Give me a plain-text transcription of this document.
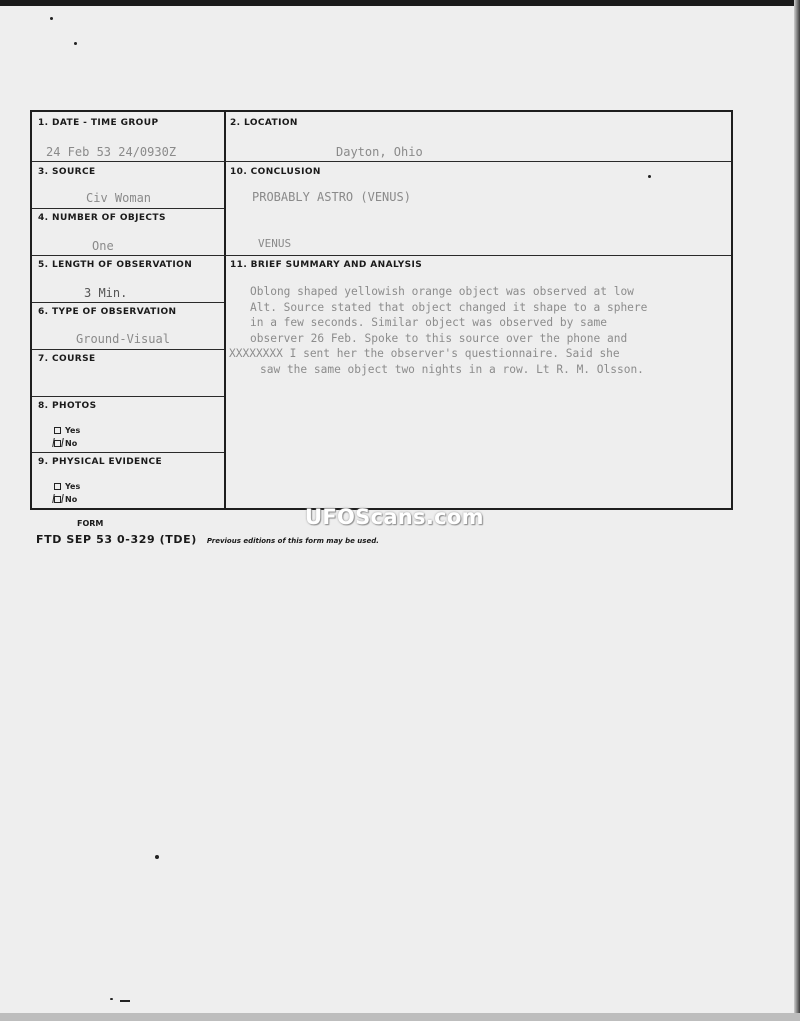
1. DATE - TIME GROUP
24 Feb 53 24/0930Z
2. LOCATION
Dayton, Ohio
3. SOURCE
Civ Woman
10. CONCLUSION
PROBABLY ASTRO (VENUS)
VENUS
4. NUMBER OF OBJECTS
One
5. LENGTH OF OBSERVATION
3 Min.
11. BRIEF SUMMARY AND ANALYSIS
Oblong shaped yellowish orange object was observed at low
Alt. Source stated that object changed it shape to a sphere
in a few seconds. Similar object was observed by same
observer 26 Feb. Spoke to this source over the phone and
XXXXXXXX I sent her the observer's questionnaire. Said she
saw the same object two nights in a row. Lt R. M. Olsson.
6. TYPE OF OBSERVATION
Ground-Visual
7. COURSE
8. PHOTOS
Yes
No
9. PHYSICAL EVIDENCE
Yes
No
UFOScans.com
FORM
FTD SEP 53 0-329 (TDE) Previous editions of this form may be used.
